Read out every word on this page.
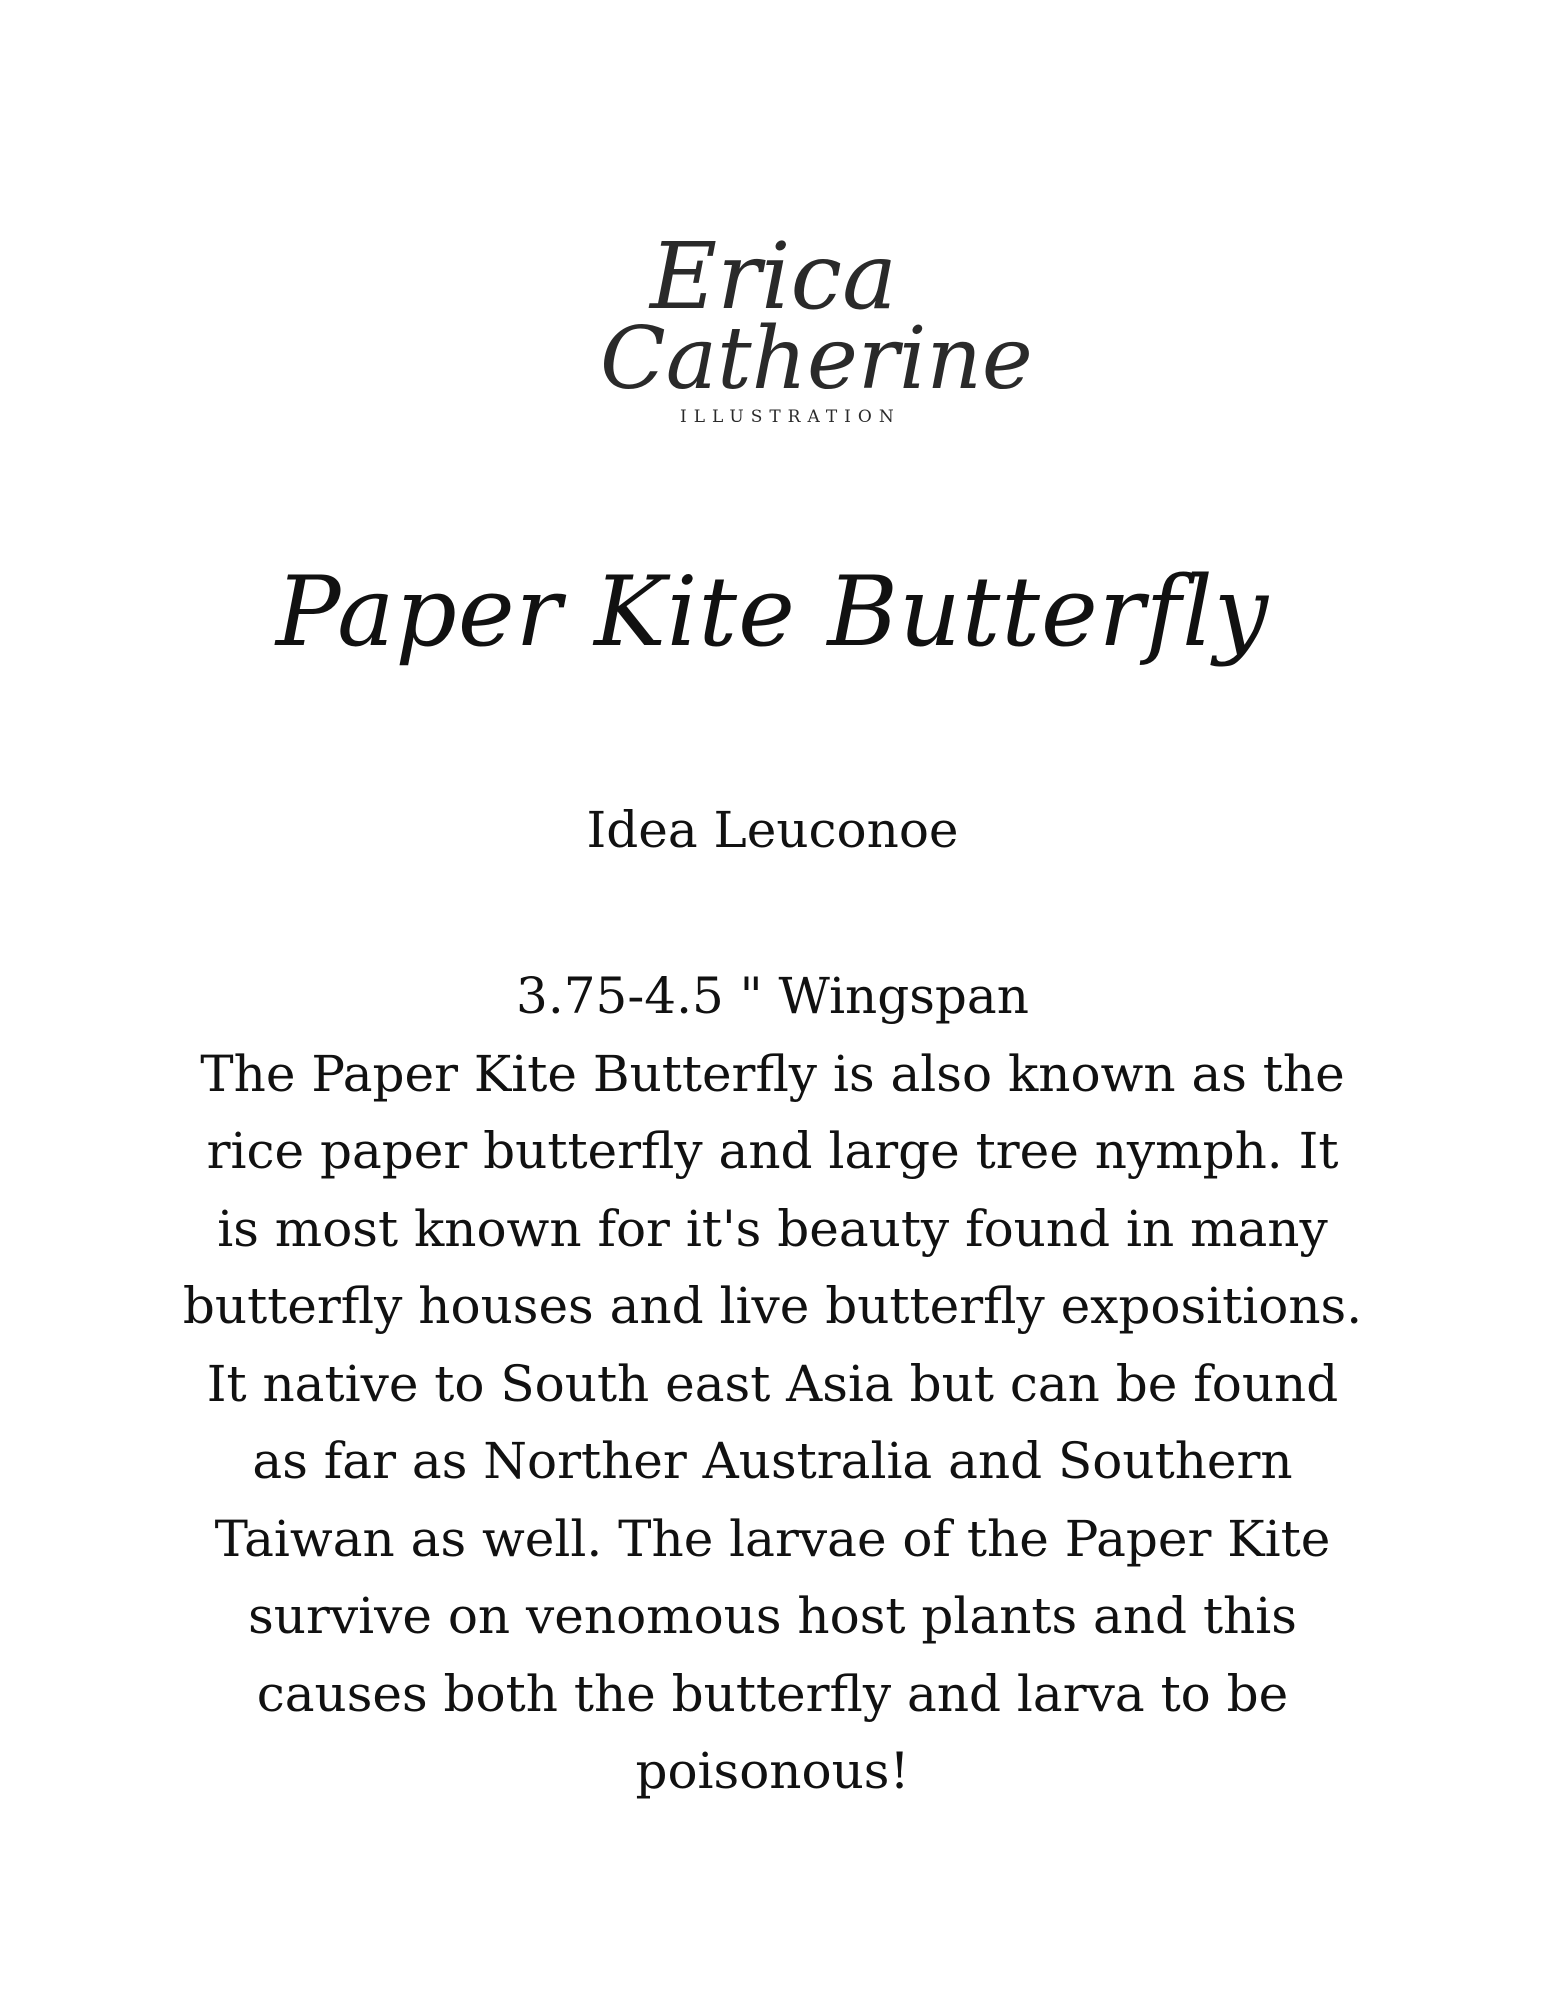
Erica
Catherine
ILLUSTRATION
Paper Kite Butterfly
Idea Leuconoe

3.75-4.5 " Wingspan

The Paper Kite Butterfly is also known as the rice paper butterfly and large tree nymph. It is most known for it's beauty found in many butterfly houses and live butterfly expositions. It native to South east Asia but can be found as far as Norther Australia and Southern Taiwan as well. The larvae of the Paper Kite survive on venomous host plants and this causes both the butterfly and larva to be poisonous!
